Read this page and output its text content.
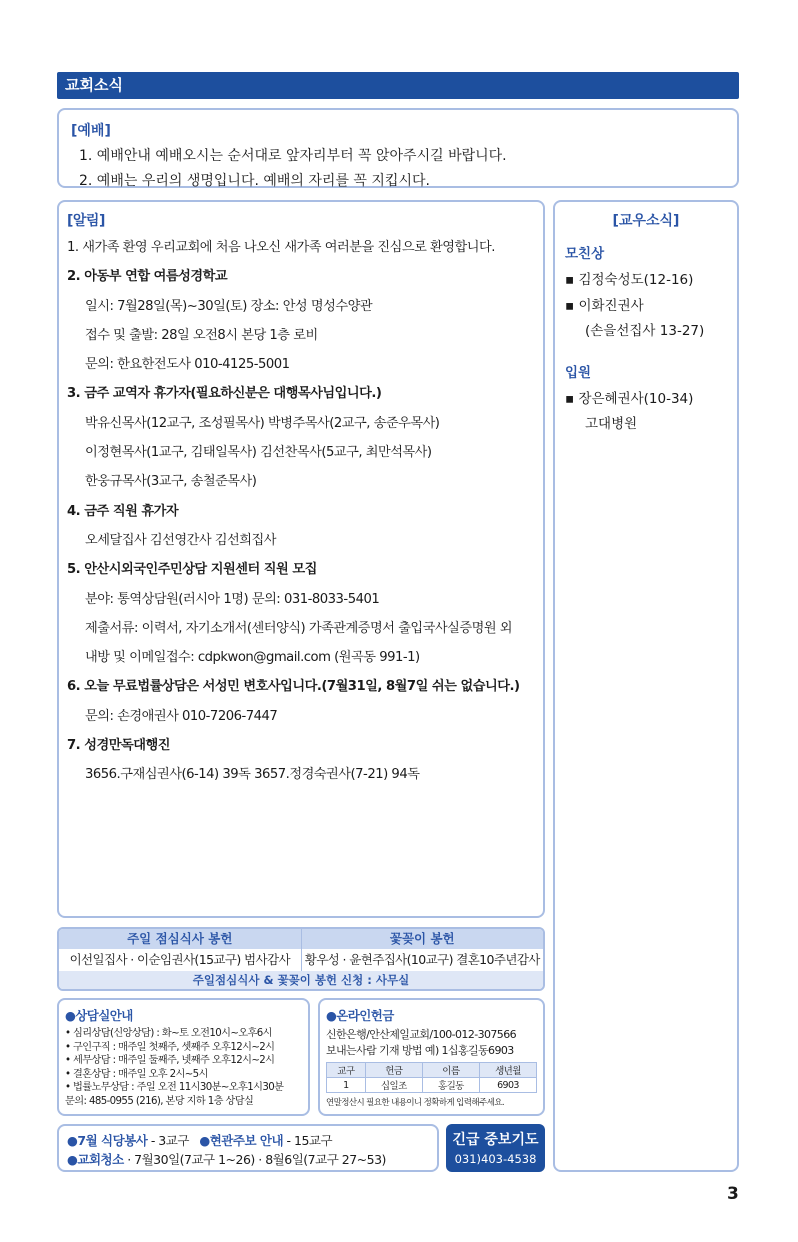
교회소식
[예배]
1. 예배안내 예배오시는 순서대로 앞자리부터 꼭 앉아주시길 바랍니다.
2. 예배는 우리의 생명입니다. 예배의 자리를 꼭 지킵시다.
[알림]
1. 새가족 환영 우리교회에 처음 나오신 새가족 여러분을 진심으로 환영합니다.
2. 아동부 연합 여름성경학교
일시: 7월28일(목)~30일(토) 장소: 안성 명성수양관
접수 및 출발: 28일 오전8시 본당 1층 로비
문의: 한요한전도사 010-4125-5001
3. 금주 교역자 휴가자(필요하신분은 대행목사님입니다.)
박유신목사(12교구, 조성필목사) 박병주목사(2교구, 송준우목사)
이정현목사(1교구, 김태일목사) 김선찬목사(5교구, 최만석목사)
한웅규목사(3교구, 송철준목사)
4. 금주 직원 휴가자
오세달집사 김선영간사 김선희집사
5. 안산시외국인주민상담 지원센터 직원 모집
분야: 통역상담원(러시아 1명) 문의: 031-8033-5401
제출서류: 이력서, 자기소개서(센터양식) 가족관계증명서 출입국사실증명원 외
내방 및 이메일접수: cdpkwon@gmail.com (원곡동 991-1)
6. 오늘 무료법률상담은 서성민 변호사입니다.(7월31일, 8월7일 쉬는 없습니다.)
문의: 손경애권사 010-7206-7447
7. 성경만독대행진
3656.구재심권사(6-14) 39독 3657.정경숙권사(7-21) 94독
[교우소식]
모친상
▪ 김정숙성도(12-16)
▪ 이화진권사
(손을선집사 13-27)
입원
▪ 장은혜권사(10-34)
고대병원
주일 점심식사 봉헌	꽃꽂이 봉헌
이선일집사 · 이순임권사(15교구) 범사감사	황우성 · 윤현주집사(10교구) 결혼10주년감사
주일점심식사 & 꽃꽂이 봉헌 신청 : 사무실
●상담실안내
• 심리상담(신앙상담) : 화~토 오전10시~오후6시
• 구인구직 : 매주일 첫째주, 셋째주 오후12시~2시
• 세무상담 : 매주일 둘째주, 넷째주 오후12시~2시
• 결혼상담 : 매주일 오후 2시~5시
• 법률노무상담 : 주일 오전 11시30분~오후1시30분
문의: 485-0955 (216), 본당 지하 1층 상담실
●온라인헌금
신한은행/안산제일교회/100-012-307566
보내는사람 기재 방법 예) 1십홍길동6903
교구	헌금	이름	생년월
1	십일조	홍길동	6903
연말정산시 필요한 내용이니 정확하게 입력해주세요.
●7월 식당봉사 - 3교구 ●현관주보 안내 - 15교구
●교회청소 · 7월30일(7교구 1~26) · 8월6일(7교구 27~53)
긴급 중보기도
031)403-4538
3
